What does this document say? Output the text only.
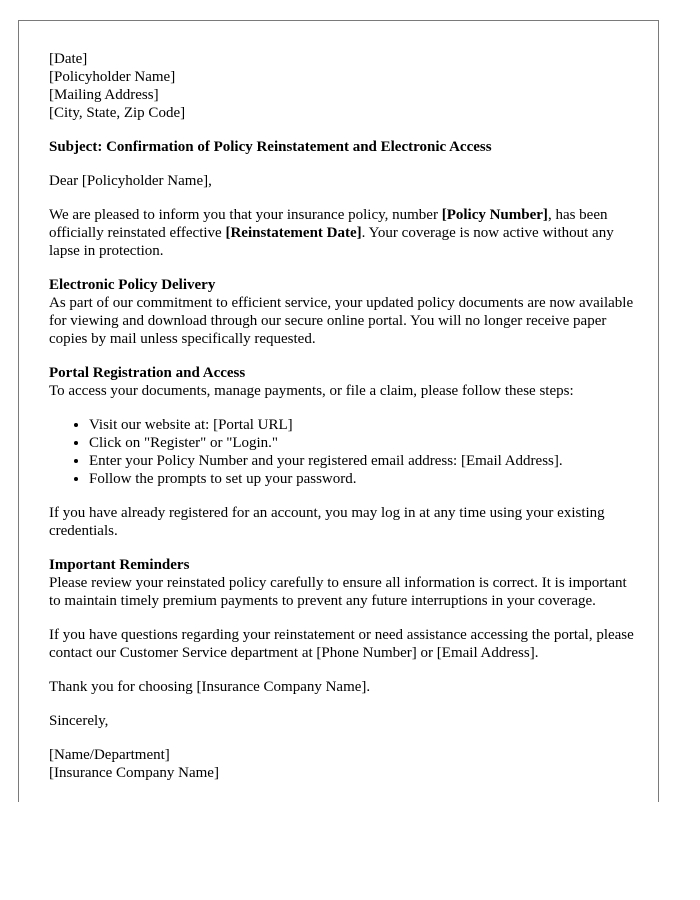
[Date]
[Policyholder Name]
[Mailing Address]
[City, State, Zip Code]

Subject: Confirmation of Policy Reinstatement and Electronic Access

Dear [Policyholder Name],

We are pleased to inform you that your insurance policy, number [Policy Number], has been officially reinstated effective [Reinstatement Date]. Your coverage is now active without any lapse in protection.

Electronic Policy Delivery
As part of our commitment to efficient service, your updated policy documents are now available for viewing and download through our secure online portal. You will no longer receive paper copies by mail unless specifically requested.

Portal Registration and Access
To access your documents, manage payments, or file a claim, please follow these steps:

• Visit our website at: [Portal URL]
• Click on "Register" or "Login."
• Enter your Policy Number and your registered email address: [Email Address].
• Follow the prompts to set up your password.

If you have already registered for an account, you may log in at any time using your existing credentials.

Important Reminders
Please review your reinstated policy carefully to ensure all information is correct. It is important to maintain timely premium payments to prevent any future interruptions in your coverage.

If you have questions regarding your reinstatement or need assistance accessing the portal, please contact our Customer Service department at [Phone Number] or [Email Address].

Thank you for choosing [Insurance Company Name].

Sincerely,

[Name/Department]
[Insurance Company Name]
